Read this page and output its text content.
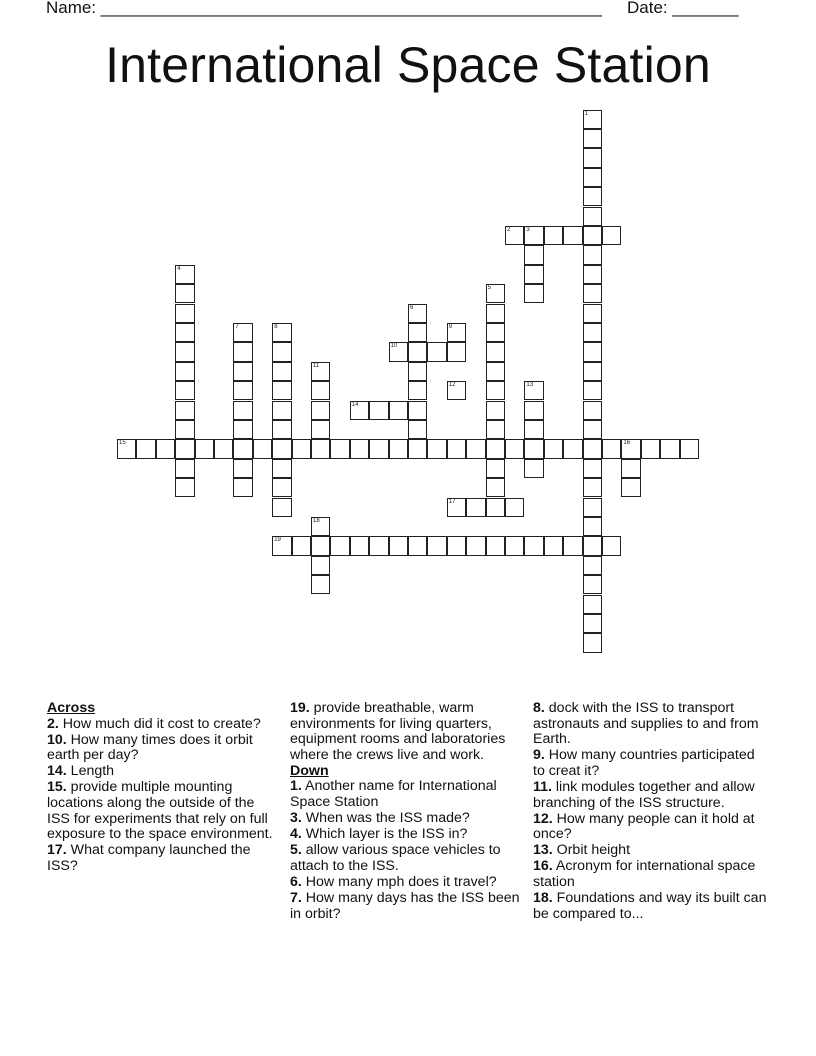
Name: _____________________________________________________ Date: _______
International Space Station
1
2	3
4
5
6
7	8	9
10
11
12	13
14
15	16
17
18
19
Across
2. How much did it cost to create?
10. How many times does it orbit earth per day?
14. Length
15. provide multiple mounting locations along the outside of the ISS for experiments that rely on full exposure to the space environment.
17. What company launched the ISS?
19. provide breathable, warm environments for living quarters, equipment rooms and laboratories where the crews live and work.
Down
1. Another name for International Space Station
3. When was the ISS made?
4. Which layer is the ISS in?
5. allow various space vehicles to attach to the ISS.
6. How many mph does it travel?
7. How many days has the ISS been in orbit?
8. dock with the ISS to transport astronauts and supplies to and from Earth.
9. How many countries participated to creat it?
11. link modules together and allow branching of the ISS structure.
12. How many people can it hold at once?
13. Orbit height
16. Acronym for international space station
18. Foundations and way its built can be compared to...
